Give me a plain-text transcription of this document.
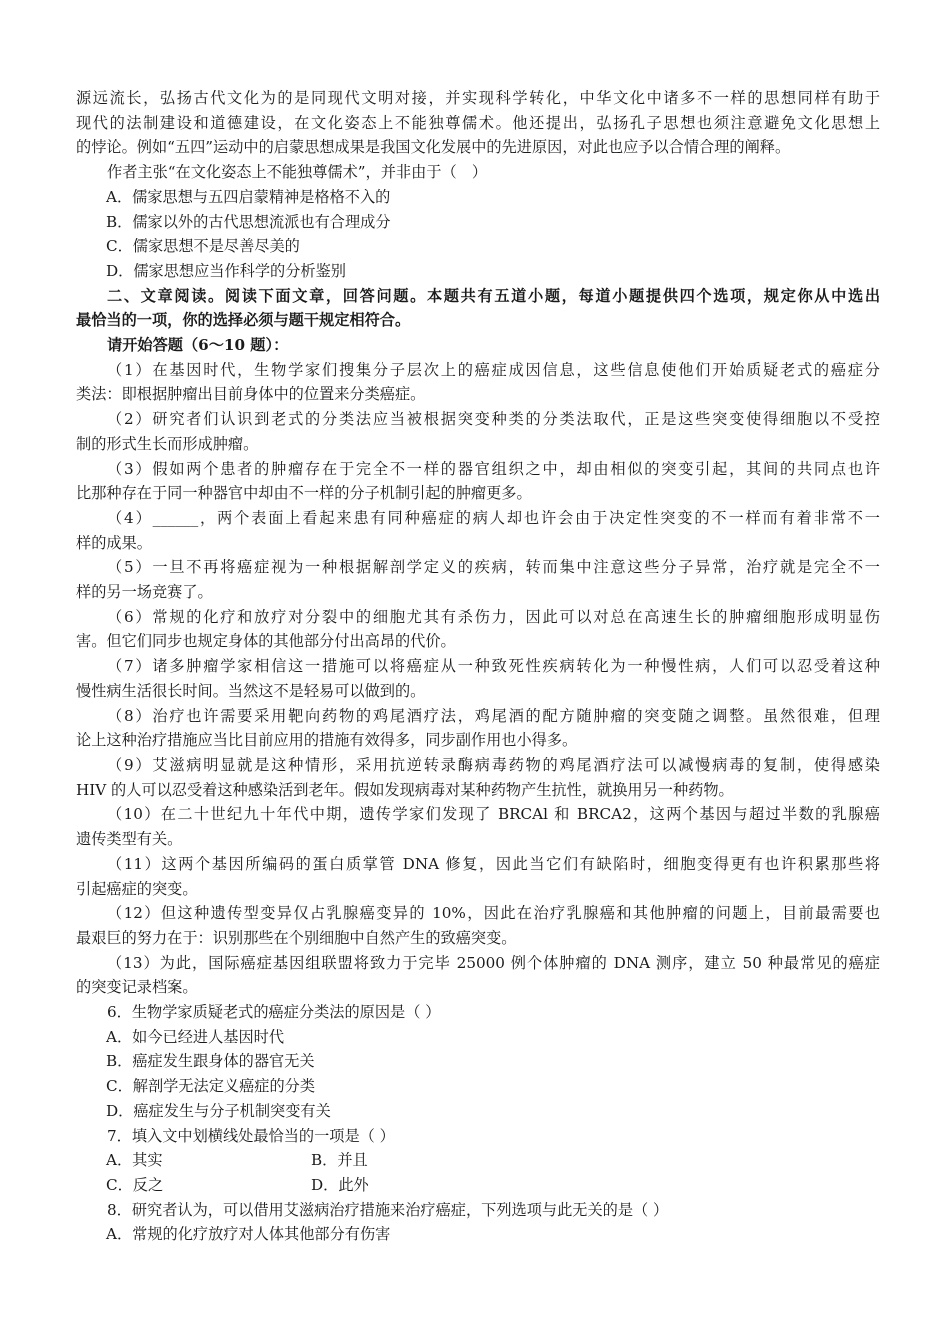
源远流长，弘扬古代文化为的是同现代文明对接，并实现科学转化，中华文化中诸多不一样的思想同样有助于
现代的法制建设和道德建设，在文化姿态上不能独尊儒术。他还提出，弘扬孔子思想也须注意避免文化思想上
的悖论。例如“五四”运动中的启蒙思想成果是我国文化发展中的先进原因，对此也应予以合情合理的阐释。
作者主张“在文化姿态上不能独尊儒术”，并非由于（　）
A．儒家思想与五四启蒙精神是格格不入的
B．儒家以外的古代思想流派也有合理成分
C．儒家思想不是尽善尽美的
D．儒家思想应当作科学的分析鉴别
二、文章阅读。阅读下面文章，回答问题。本题共有五道小题，每道小题提供四个选项，规定你从中选出
最恰当的一项，你的选择必须与题干规定相符合。
请开始答题（6～10 题）：
（1）在基因时代，生物学家们搜集分子层次上的癌症成因信息，这些信息使他们开始质疑老式的癌症分
类法：即根据肿瘤出目前身体中的位置来分类癌症。
（2）研究者们认识到老式的分类法应当被根据突变种类的分类法取代，正是这些突变使得细胞以不受控
制的形式生长而形成肿瘤。
（3）假如两个患者的肿瘤存在于完全不一样的器官组织之中，却由相似的突变引起，其间的共同点也许
比那种存在于同一种器官中却由不一样的分子机制引起的肿瘤更多。
（4）______，两个表面上看起来患有同种癌症的病人却也许会由于决定性突变的不一样而有着非常不一
样的成果。
（5）一旦不再将癌症视为一种根据解剖学定义的疾病，转而集中注意这些分子异常，治疗就是完全不一
样的另一场竞赛了。
（6）常规的化疗和放疗对分裂中的细胞尤其有杀伤力，因此可以对总在高速生长的肿瘤细胞形成明显伤
害。但它们同步也规定身体的其他部分付出高昂的代价。
（7）诸多肿瘤学家相信这一措施可以将癌症从一种致死性疾病转化为一种慢性病，人们可以忍受着这种
慢性病生活很长时间。当然这不是轻易可以做到的。
（8）治疗也许需要采用靶向药物的鸡尾酒疗法，鸡尾酒的配方随肿瘤的突变随之调整。虽然很难，但理
论上这种治疗措施应当比目前应用的措施有效得多，同步副作用也小得多。
（9）艾滋病明显就是这种情形，采用抗逆转录酶病毒药物的鸡尾酒疗法可以减慢病毒的复制，使得感染
HIV 的人可以忍受着这种感染活到老年。假如发现病毒对某种药物产生抗性，就换用另一种药物。
（10）在二十世纪九十年代中期，遗传学家们发现了 BRCAl 和 BRCA2，这两个基因与超过半数的乳腺癌
遗传类型有关。
（11）这两个基因所编码的蛋白质掌管 DNA 修复，因此当它们有缺陷时，细胞变得更有也许积累那些将
引起癌症的突变。
（12）但这种遗传型变异仅占乳腺癌变异的 10%，因此在治疗乳腺癌和其他肿瘤的问题上，目前最需要也
最艰巨的努力在于：识别那些在个别细胞中自然产生的致癌突变。
（13）为此，国际癌症基因组联盟将致力于完毕 25000 例个体肿瘤的 DNA 测序，建立 50 种最常见的癌症
的突变记录档案。
6．生物学家质疑老式的癌症分类法的原因是（ ）
A．如今已经进人基因时代
B．癌症发生跟身体的器官无关
C．解剖学无法定义癌症的分类
D．癌症发生与分子机制突变有关
7．填入文中划横线处最恰当的一项是（ ）
A．其实	B．并且
C．反之	D．此外
8．研究者认为，可以借用艾滋病治疗措施来治疗癌症，下列选项与此无关的是（ ）
A．常规的化疗放疗对人体其他部分有伤害
